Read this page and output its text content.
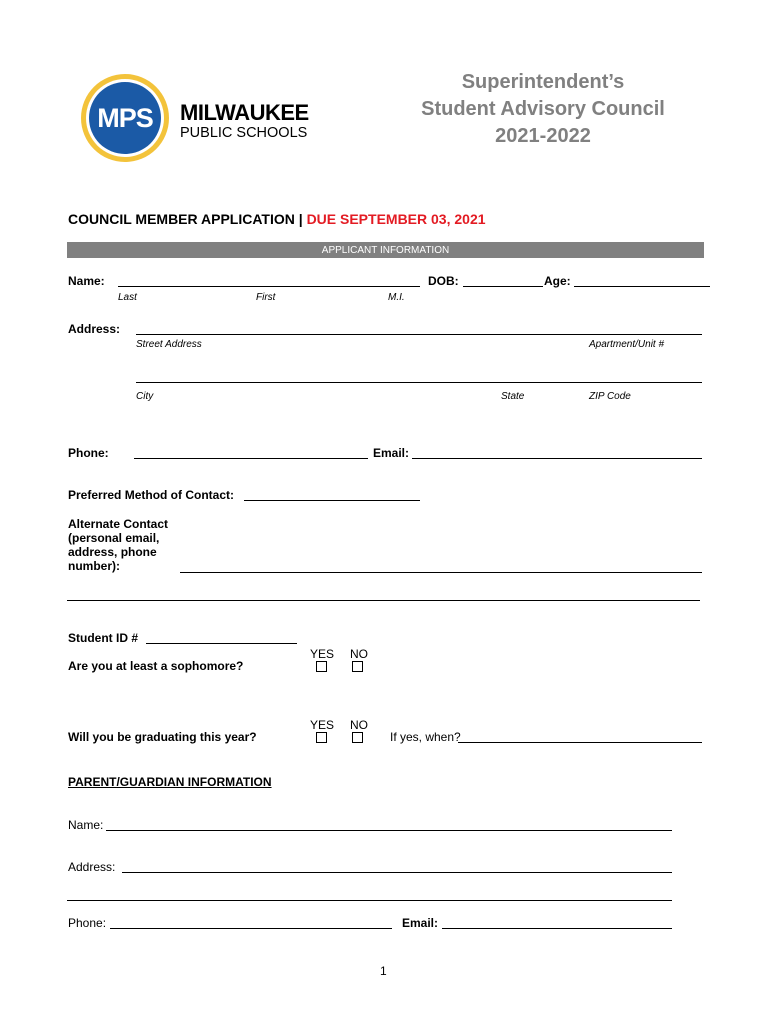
MPS	MILWAUKEE
PUBLIC SCHOOLS
Superintendent’s
Student Advisory Council
2021-2022
COUNCIL MEMBER APPLICATION | DUE SEPTEMBER 03, 2021
APPLICANT INFORMATION
Name:	DOB:	Age:
Last	First	M.I.
Address:
Street Address	Apartment/Unit #
City	State	ZIP Code
Phone:	Email:
Preferred Method of Contact:
Alternate Contact
(personal email,
address, phone
number):
Student ID #
YES NO
Are you at least a sophomore?
YES NO
Will you be graduating this year?	If yes, when?
PARENT/GUARDIAN INFORMATION
Name:
Address:
Phone:	Email:
1
